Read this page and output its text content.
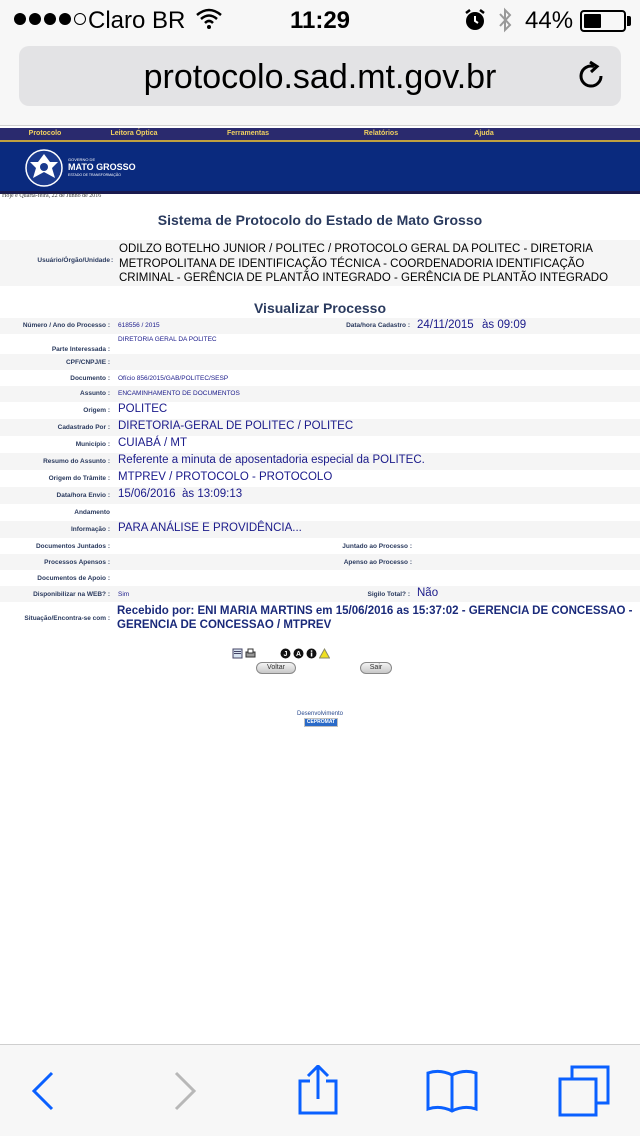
Claro BR	11:29	44%
protocolo.sad.mt.gov.br
Protocolo	Leitora Óptica	Ferramentas	Relatórios	Ajuda
GOVERNO DE
MATO GROSSO
ESTADO DE TRANSFORMAÇÃO
Hoje é Quarta-feira, 22 de Junho de 2016
Sistema de Protocolo do Estado de Mato Grosso
Usuário/Órgão/Unidade :
ODILZO BOTELHO JUNIOR / POLITEC / PROTOCOLO GERAL DA POLITEC - DIRETORIA METROPOLITANA DE IDENTIFICAÇÃO TÉCNICA - COORDENADORIA IDENTIFICAÇÃO CRIMINAL - GERÊNCIA DE PLANTÃO INTEGRADO - GERÊNCIA DE PLANTÃO INTEGRADO
Visualizar Processo
Número / Ano do Processo : 618556 / 2015	Data/hora Cadastro : 24/11/2015 às 09:09
Parte Interessada :
DIRETORIA GERAL DA POLITEC
CPF/CNPJ/IE :
Documento : Ofício 856/2015/GAB/POLITEC/SESP
Assunto : ENCAMINHAMENTO DE DOCUMENTOS
Origem : POLITEC
Cadastrado Por : DIRETORIA-GERAL DE POLITEC / POLITEC
Município : CUIABÁ / MT
Resumo do Assunto : Referente a minuta de aposentadoria especial da POLITEC.
Origem do Trâmite : MTPREV / PROTOCOLO - PROTOCOLO
Data/hora Envio : 15/06/2016 às 13:09:13
Andamento
Informação : PARA ANÁLISE E PROVIDÊNCIA...
Documentos Juntados :	Juntado ao Processo :
Processos Apensos :	Apenso ao Processo :
Documentos de Apoio :
Disponibilizar na WEB? : Sim	Sigilo Total? : Não
Situação/Encontra-se com :
Recebido por: ENI MARIA MARTINS em 15/06/2016 as 15:37:02 - GERENCIA DE CONCESSAO - GERENCIA DE CONCESSAO / MTPREV
J A
Voltar	Sair
Desenvolvimento
CEPROMAT
